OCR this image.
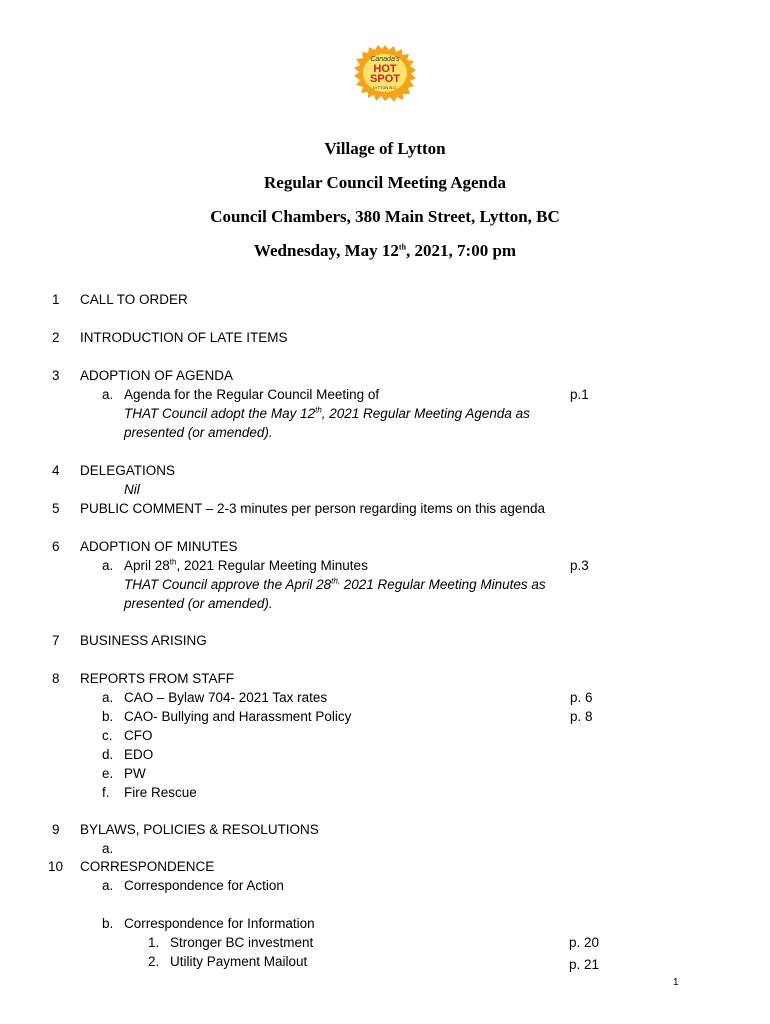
Canada's
HOT
SPOT
LYTTON B.C.
Village of Lytton
Regular Council Meeting Agenda
Council Chambers, 380 Main Street, Lytton, BC
Wednesday, May 12th, 2021, 7:00 pm
1 CALL TO ORDER
2 INTRODUCTION OF LATE ITEMS
3 ADOPTION OF AGENDA
a. Agenda for the Regular Council Meeting of	p.1
THAT Council adopt the May 12th, 2021 Regular Meeting Agenda as
presented (or amended).
4 DELEGATIONS
Nil
5 PUBLIC COMMENT – 2-3 minutes per person regarding items on this agenda
6 ADOPTION OF MINUTES
a. April 28th, 2021 Regular Meeting Minutes	p.3
THAT Council approve the April $28^{th,}$ 2021 Regular Meeting Minutes as
presented (or amended).
7 BUSINESS ARISING
8 REPORTS FROM STAFF
a. CAO – Bylaw 704- 2021 Tax rates	p. 6
b. CAO- Bullying and Harassment Policy	p. 8
c. CFO
d. EDO
e. PW
f. Fire Rescue
9 BYLAWS, POLICIES & RESOLUTIONS
a.
10 CORRESPONDENCE
a. Correspondence for Action
b. Correspondence for Information
1. Stronger BC investment	p. 20
2. Utility Payment Mailout	p. 21
1
